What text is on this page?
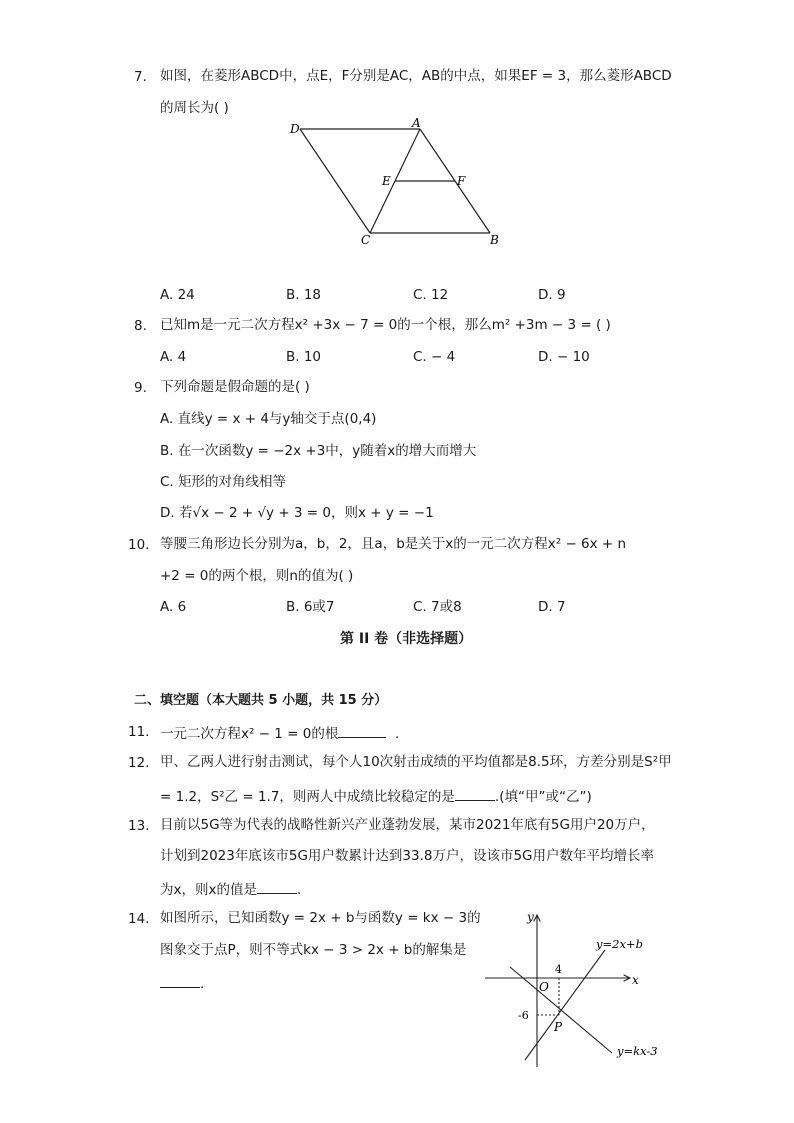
7. 如图，在菱形ABCD中，点E，F分别是AC，AB的中点，如果EF = 3，那么菱形ABCD
的周长为( )
D	A
E	F
C	B
A. 24	B. 18	C. 12	D. 9
8. 已知m是一元二次方程x² +3x − 7 = 0的一个根，那么m² +3m − 3 = ( )
A. 4	B. 10	C. − 4	D. − 10
9. 下列命题是假命题的是( )
A. 直线y = x + 4与y轴交于点(0,4)
B. 在一次函数y = −2x +3中，y随着x的增大而增大
C. 矩形的对角线相等
D. 若√x − 2 + √y + 3 = 0，则x + y = −1
10. 等腰三角形边长分别为a，b，2，且a，b是关于x的一元二次方程x² − 6x + n
+2 = 0的两个根，则n的值为( )
A. 6	B. 6或7	C. 7或8	D. 7
第 II 卷（非选择题）
二、填空题（本大题共 5 小题，共 15 分）
11. 一元二次方程x² − 1 = 0的根	.
12. 甲、乙两人进行射击测试，每个人10次射击成绩的平均值都是8.5环，方差分别是S²甲
= 1.2，S²乙 = 1.7，则两人中成绩比较稳定的是	.(填“甲”或“乙”)
13. 目前以5G等为代表的战略性新兴产业蓬勃发展，某市2021年底有5G用户20万户，
计划到2023年底该市5G用户数累计达到33.8万户，设该市5G用户数年平均增长率
为x，则x的值是	.
14. 如图所示，已知函数y = 2x + b与函数y = kx − 3的
图象交于点P，则不等式kx − 3 > 2x + b的解集是
.
y
x
O
4
-6
P
y=2x+b
y=kx-3
